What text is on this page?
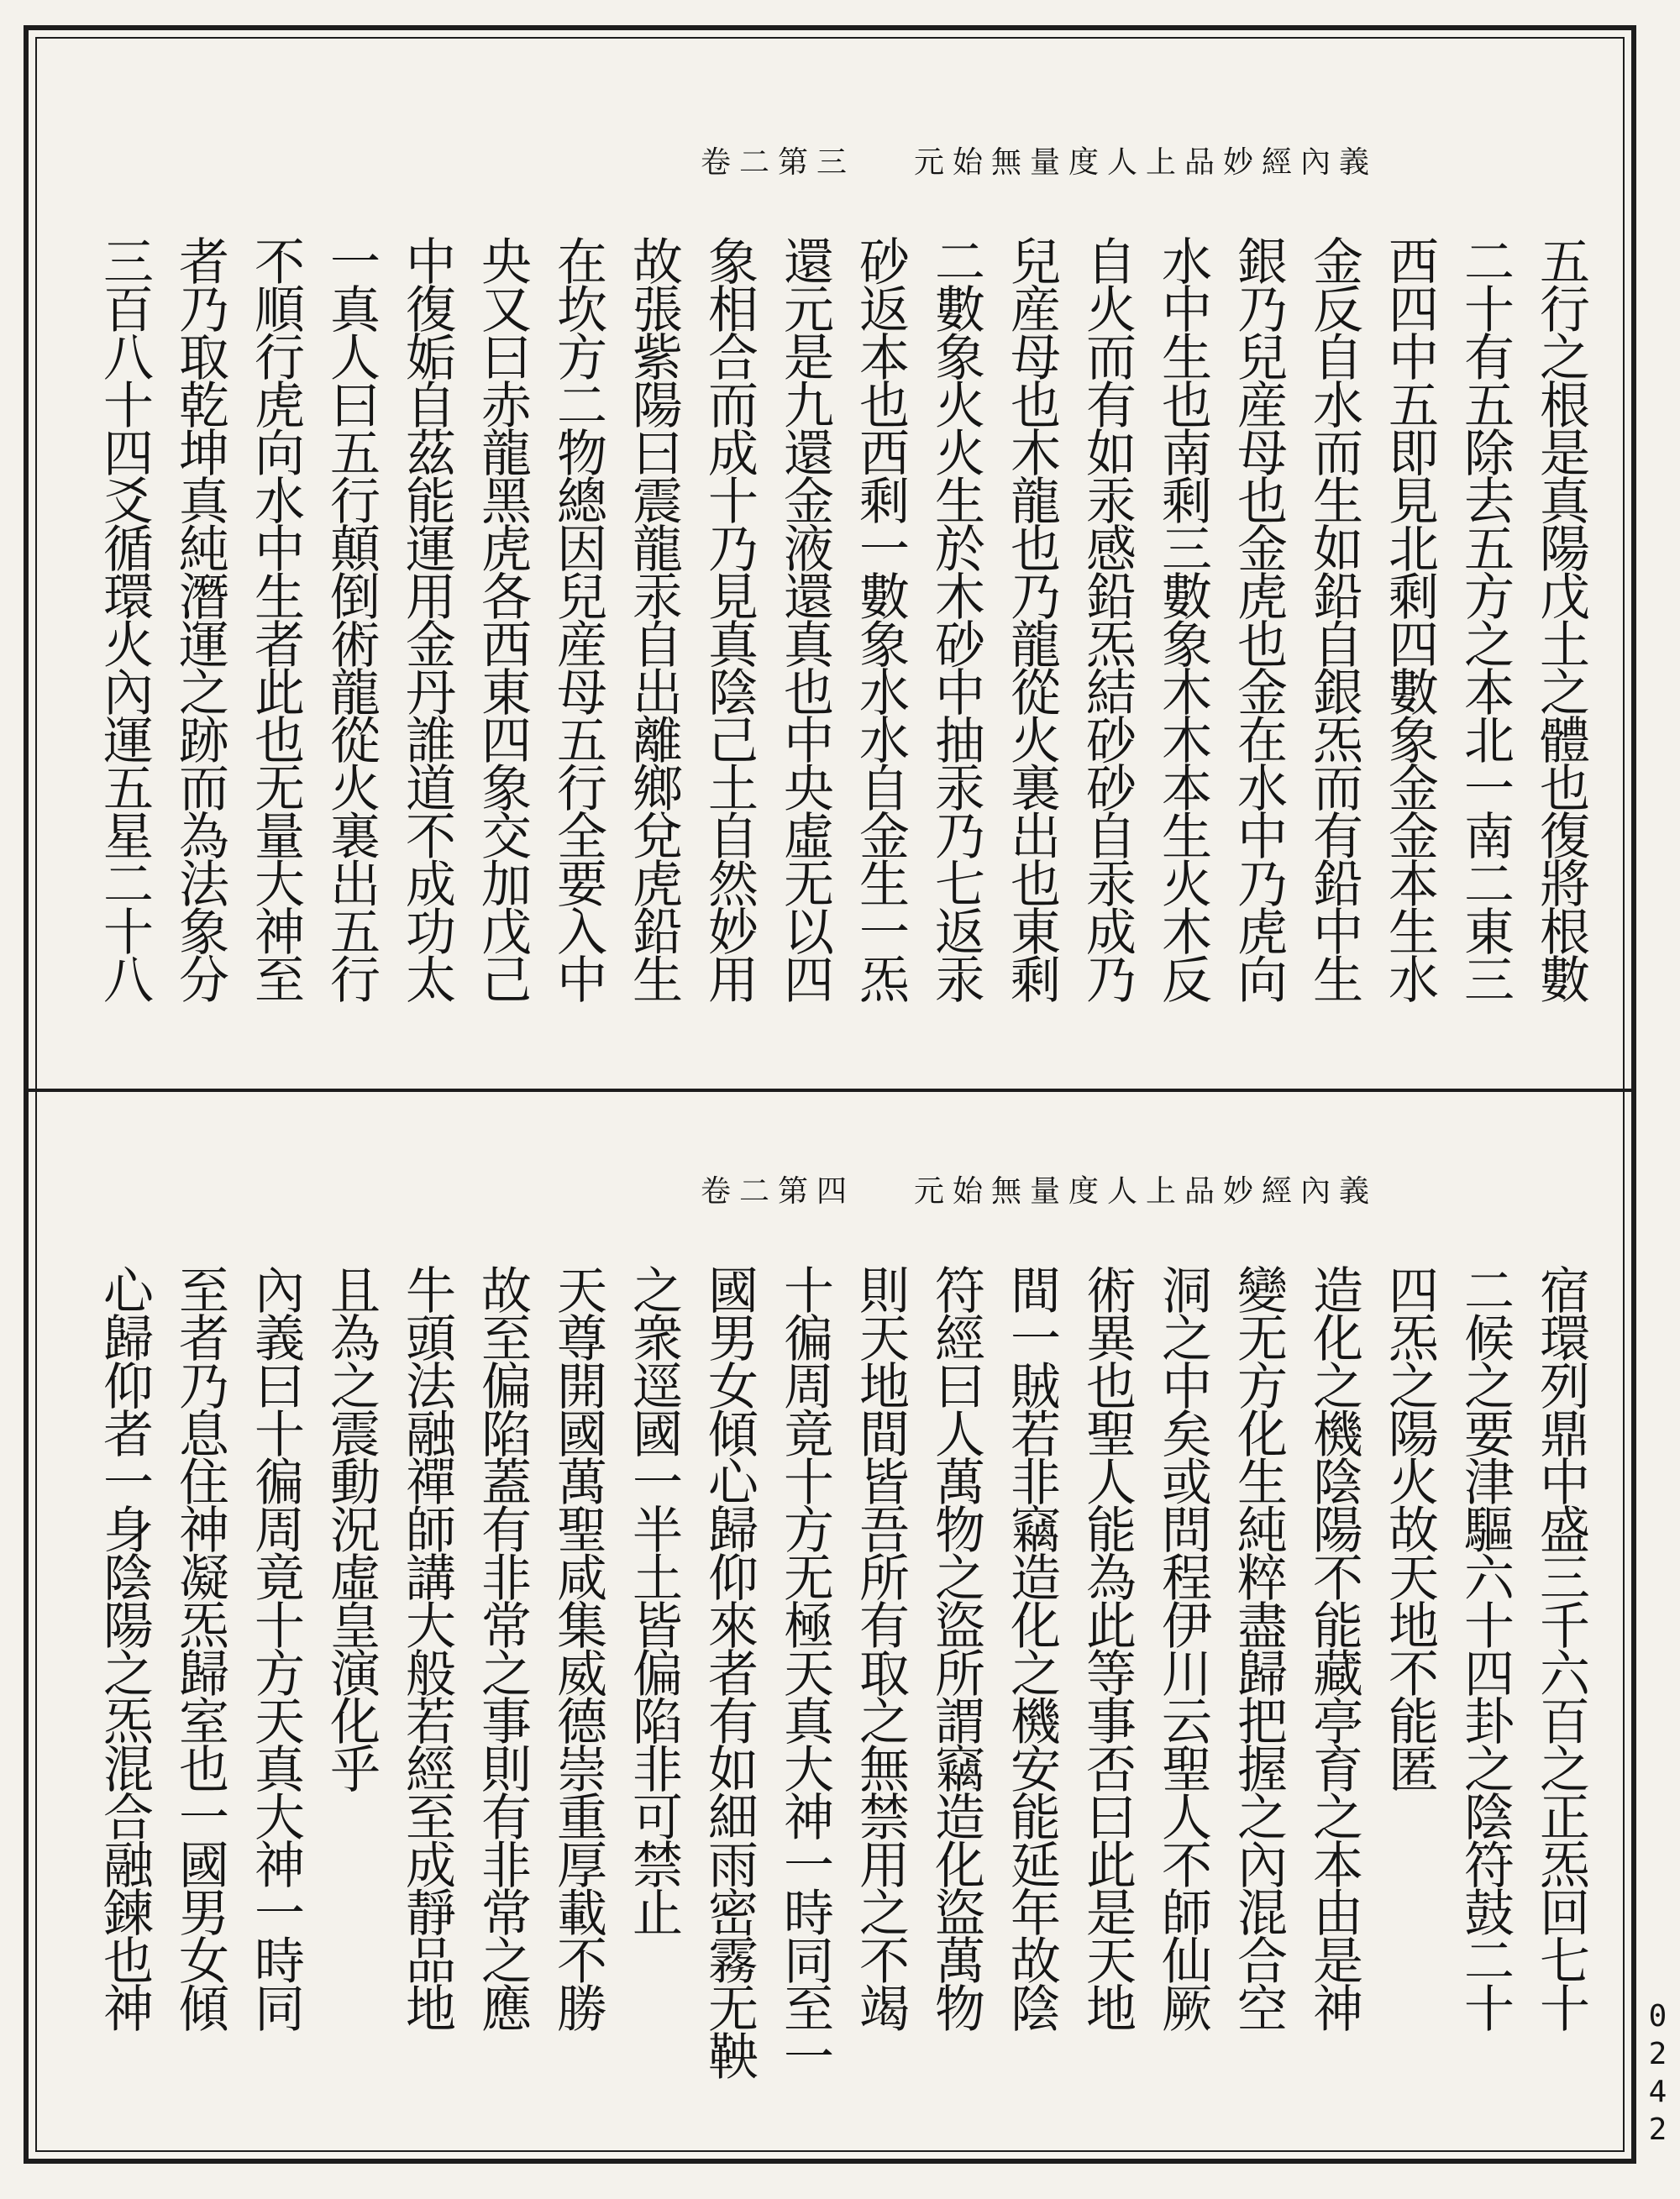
卷二第三 元始無量度人上品妙經內義
五行之根是真陽戊土之體也復將根數
二十有五除去五方之本北一南二東三
西四中五即見北剩四數象金金本生水
金反自水而生如鉛自銀炁而有鉛中生
銀乃兒産母也金虎也金在水中乃虎向
水中生也南剩三數象木木本生火木反
自火而有如汞感鉛炁結砂砂自汞成乃
兒産母也木龍也乃龍從火裏出也東剩
二數象火火生於木砂中抽汞乃七返汞
砂返本也西剩一數象水水自金生一炁
還元是九還金液還真也中央虛无以四
象相合而成十乃見真陰己土自然妙用
故張紫陽曰震龍汞自出離鄉兌虎鉛生
在坎方二物總因兒産母五行全要入中
央又曰赤龍黑虎各西東四象交加戊己
中復姤自茲能運用金丹誰道不成功太
一真人曰五行顛倒術龍從火裏出五行
不順行虎向水中生者此也无量大神至
者乃取乾坤真純潛運之跡而為法象分
三百八十四爻循環火內運五星二十八
卷二第四 元始無量度人上品妙經內義
宿環列鼎中盛三千六百之正炁回七十
二候之要津驅六十四卦之陰符鼓二十
四炁之陽火故天地不能匿
造化之機陰陽不能藏亭育之本由是神
變无方化生純粹盡歸把握之內混合空
洞之中矣或問程伊川云聖人不師仙厥
術異也聖人能為此等事否曰此是天地
間一賊若非竊造化之機安能延年故陰
符經曰人萬物之盜所謂竊造化盜萬物
則天地間皆吾所有取之無禁用之不竭
十徧周竟十方无極天真大神一時同至一
國男女傾心歸仰來者有如細雨密霧无鞅
之衆逕國一半土皆偏陷非可禁止
天尊開國萬聖咸集威德崇重厚載不勝
故至偏陷蓋有非常之事則有非常之應
牛頭法融禪師講大般若經至成靜品地
且為之震動況虛皇演化乎
內義曰十徧周竟十方天真大神一時同
至者乃息住神凝炁歸室也一國男女傾
心歸仰者一身陰陽之炁混合融鍊也神
0242
